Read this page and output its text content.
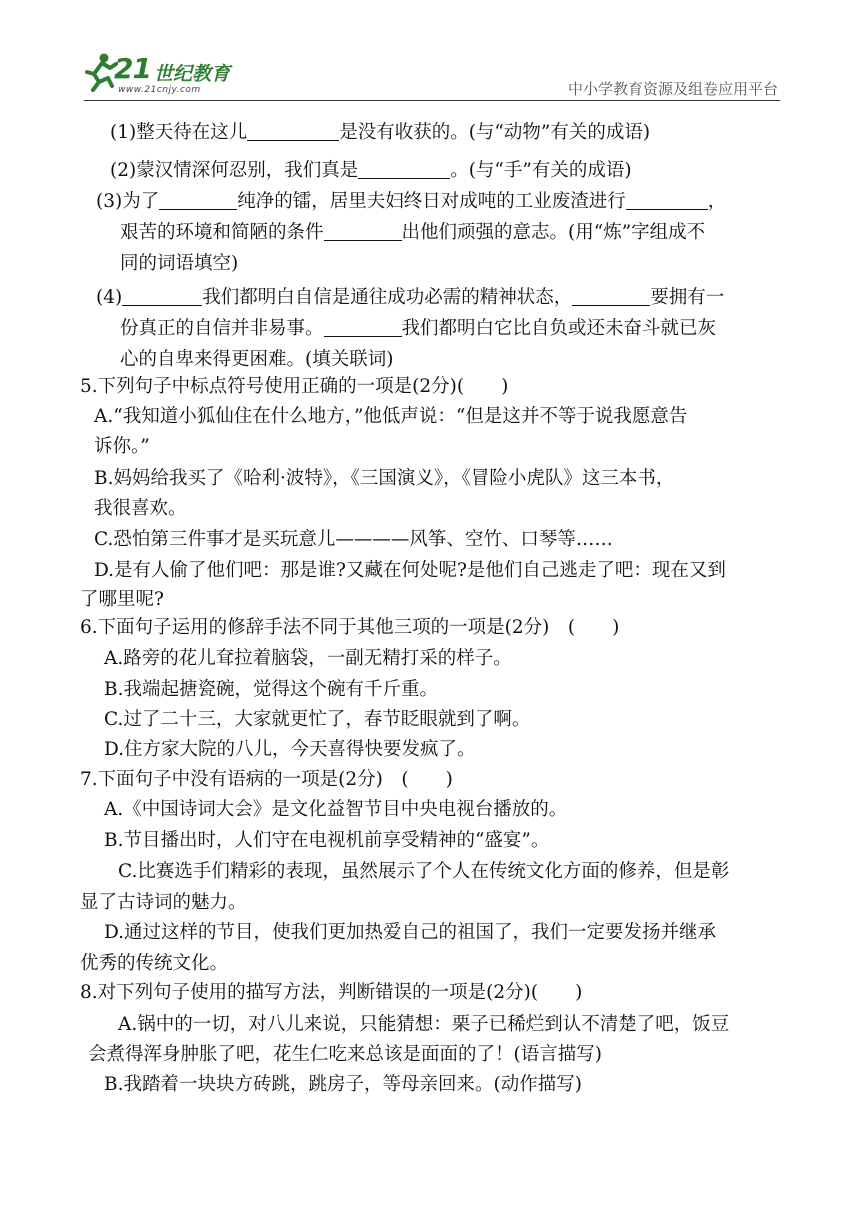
21 世纪教育
www.21cnjy.com	中小学教育资源及组卷应用平台
(1)整天待在这儿	是没有收获的。(与“动物”有关的成语)
(2)蒙汉情深何忍别，我们真是	。(与“手”有关的成语)
(3)为了	纯净的镭，居里夫妇终日对成吨的工业废渣进行	，
艰苦的环境和简陋的条件	出他们顽强的意志。(用“炼”字组成不
同的词语填空)
(4)	我们都明白自信是通往成功必需的精神状态，	要拥有一
份真正的自信并非易事。	我们都明白它比自负或还未奋斗就已灰
心的自卑来得更困难。(填关联词)
5.下列句子中标点符号使用正确的一项是(2分)(　　)
A.“我知道小狐仙住在什么地方，”他低声说：“但是这并不等于说我愿意告
诉你。”
B.妈妈给我买了《哈利·波特》，《三国演义》，《冒险小虎队》这三本书，
我很喜欢。
C.恐怕第三件事才是买玩意儿————风筝、空竹、口琴等……
D.是有人偷了他们吧：那是谁?又藏在何处呢?是他们自己逃走了吧：现在又到
了哪里呢?
6.下面句子运用的修辞手法不同于其他三项的一项是(2分)　(　　)
A.路旁的花儿耷拉着脑袋，一副无精打采的样子。
B.我端起搪瓷碗，觉得这个碗有千斤重。
C.过了二十三，大家就更忙了，春节眨眼就到了啊。
D.住方家大院的八儿，今天喜得快要发疯了。
7.下面句子中没有语病的一项是(2分)　(　　)
A.《中国诗词大会》是文化益智节目中央电视台播放的。
B.节目播出时，人们守在电视机前享受精神的“盛宴”。
C.比赛选手们精彩的表现，虽然展示了个人在传统文化方面的修养，但是彰
显了古诗词的魅力。
D.通过这样的节目，使我们更加热爱自己的祖国了，我们一定要发扬并继承
优秀的传统文化。
8.对下列句子使用的描写方法，判断错误的一项是(2分)(　　)
A.锅中的一切，对八儿来说，只能猜想：栗子已稀烂到认不清楚了吧，饭豆
会煮得浑身肿胀了吧，花生仁吃来总该是面面的了！(语言描写)
B.我踏着一块块方砖跳，跳房子，等母亲回来。(动作描写)
